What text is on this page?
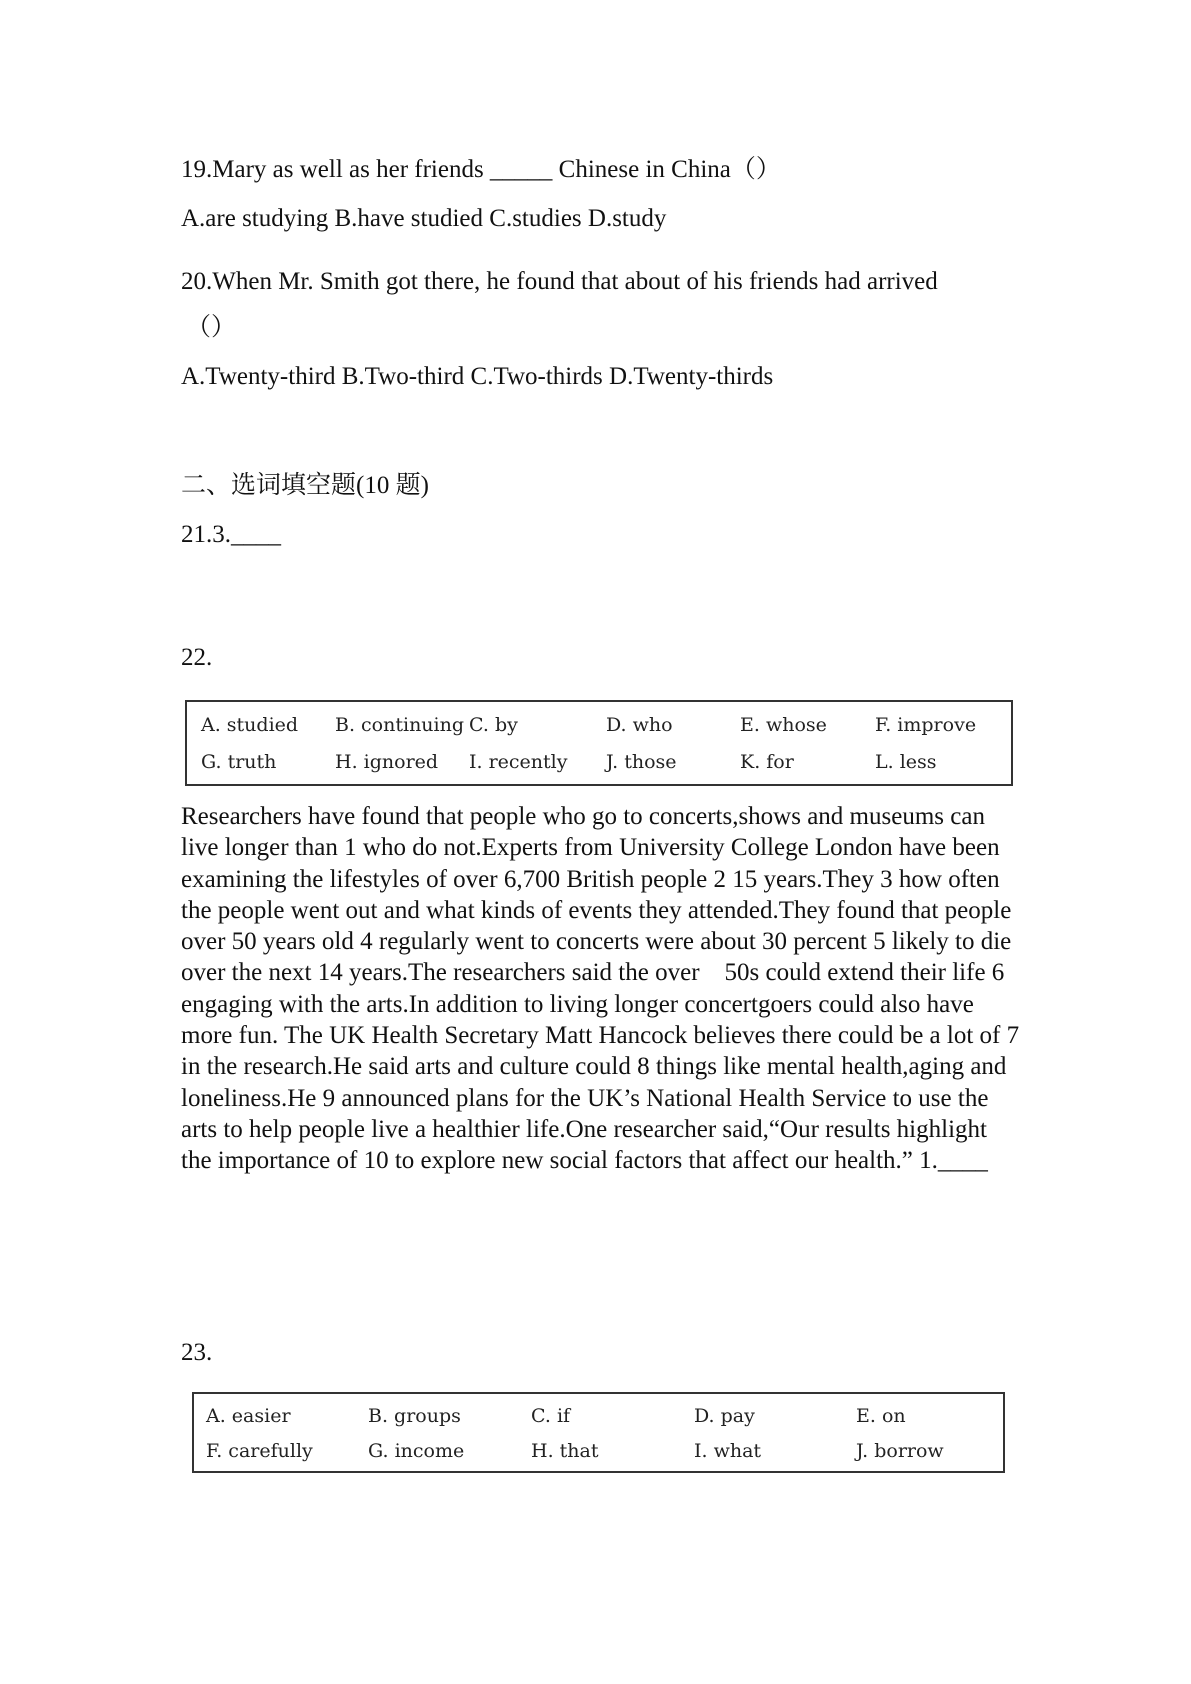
19.Mary as well as her friends _____ Chinese in China（）
A.are studying B.have studied C.studies D.study
20.When Mr. Smith got there, he found that about of his friends had arrived
（）
A.Twenty-third B.Two-third C.Two-thirds D.Twenty-thirds
二、选词填空题(10 题)
21.3.____
22.
A. studied B. continuing C. by	D. who	E. whose	F. improve
G. truth	H. ignored I. recently J. those	K. for	L. less
Researchers have found that people who go to concerts,shows and museums can live longer than 1 who do not.Experts from University College London have been examining the lifestyles of over 6,700 British people 2 15 years.They 3 how often the people went out and what kinds of events they attended.They found that people over 50 years old 4 regularly went to concerts were about 30 percent 5 likely to die over the next 14 years.The researchers said the over    50s could extend their life 6 engaging with the arts.In addition to living longer concertgoers could also have more fun. The UK Health Secretary Matt Hancock believes there could be a lot of 7 in the research.He said arts and culture could 8 things like mental health,aging and loneliness.He 9 announced plans for the UK’s National Health Service to use the arts to help people live a healthier life.One researcher said,“Our results highlight the importance of 10 to explore new social factors that affect our health.” 1.____
23.
A. easier	B. groups	C. if	D. pay	E. on
F. carefully	G. income	H. that	I. what	J. borrow
